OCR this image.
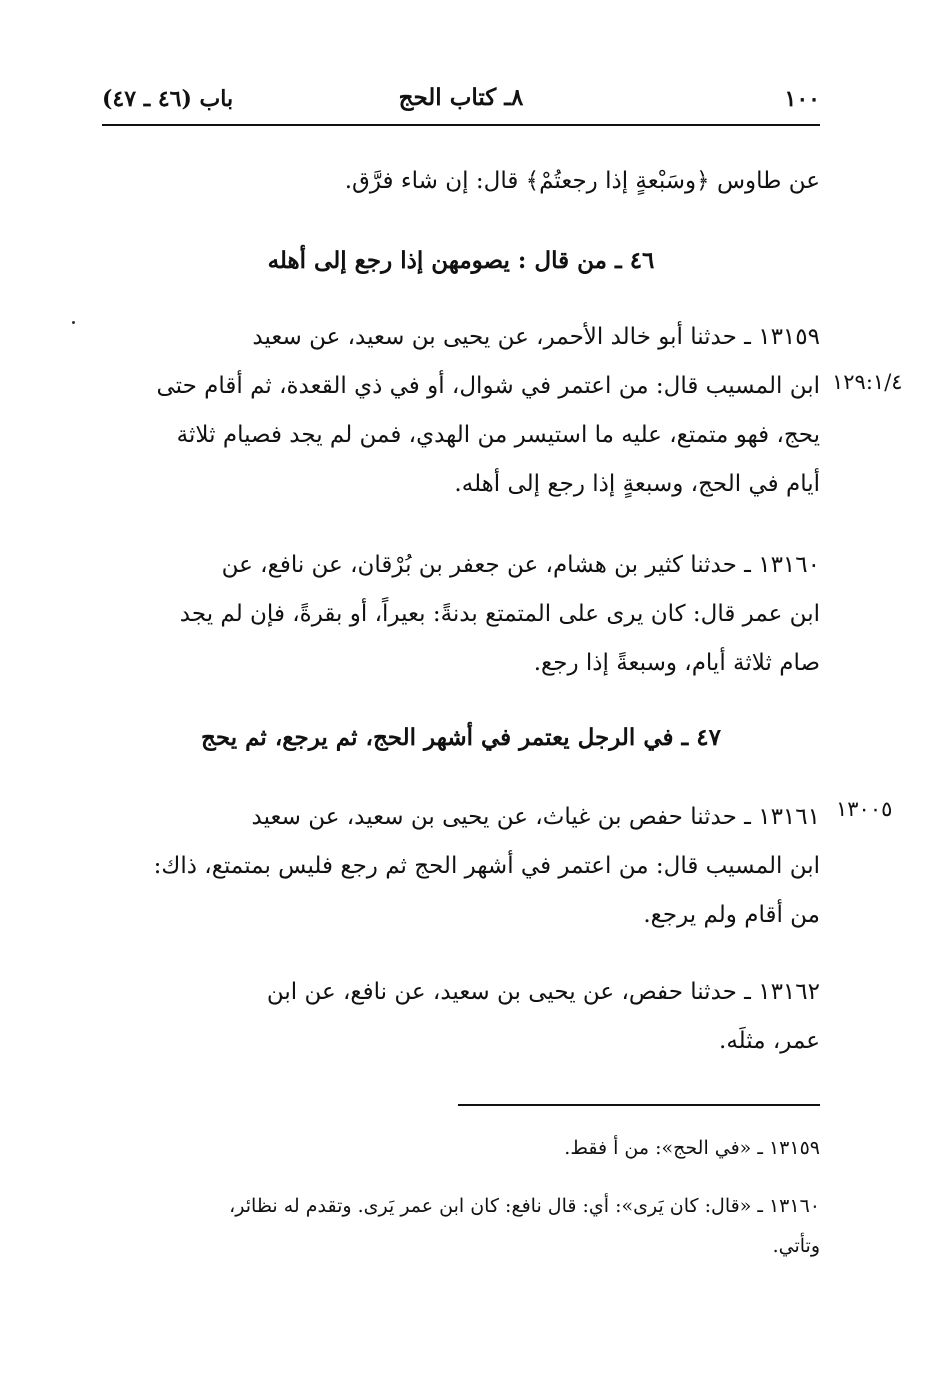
١٠٠
٨ـ كتاب الحج
باب (٤٦ ـ ٤٧)

عن طاوس ﴿وسَبْعةٍ إذا رجعتُمْ﴾ قال: إن شاء فرَّق.

٤٦ ـ من قال : يصومهن إذا رجع إلى أهله

١٣١٥٩ ـ حدثنا أبو خالد الأحمر، عن يحيى بن سعيد، عن سعيد

ابن المسيب قال: من اعتمر في شوال، أو في ذي القعدة، ثم أقام حتى

يحج، فهو متمتع، عليه ما استيسر من الهدي، فمن لم يجد فصيام ثلاثة

أيام في الحج، وسبعةٍ إذا رجع إلى أهله.

١٢٩:١/٤

١٣١٦٠ ـ حدثنا كثير بن هشام، عن جعفر بن بُرْقان، عن نافع، عن

ابن عمر قال: كان يرى على المتمتع بدنةً: بعيراً، أو بقرةً، فإن لم يجد

صام ثلاثة أيام، وسبعةً إذا رجع.

٤٧ ـ في الرجل يعتمر في أشهر الحج، ثم يرجع، ثم يحج

١٣١٦١ ـ حدثنا حفص بن غياث، عن يحيى بن سعيد، عن سعيد

ابن المسيب قال: من اعتمر في أشهر الحج ثم رجع فليس بمتمتع، ذاك:

من أقام ولم يرجع.

١٣٠٠٥

١٣١٦٢ ـ حدثنا حفص، عن يحيى بن سعيد، عن نافع، عن ابن

عمر، مثلَه.

١٣١٥٩ ـ «في الحج»: من أ فقط.

١٣١٦٠ ـ «قال: كان يَرى»: أي: قال نافع: كان ابن عمر يَرى. وتقدم له نظائر،

وتأتي.
